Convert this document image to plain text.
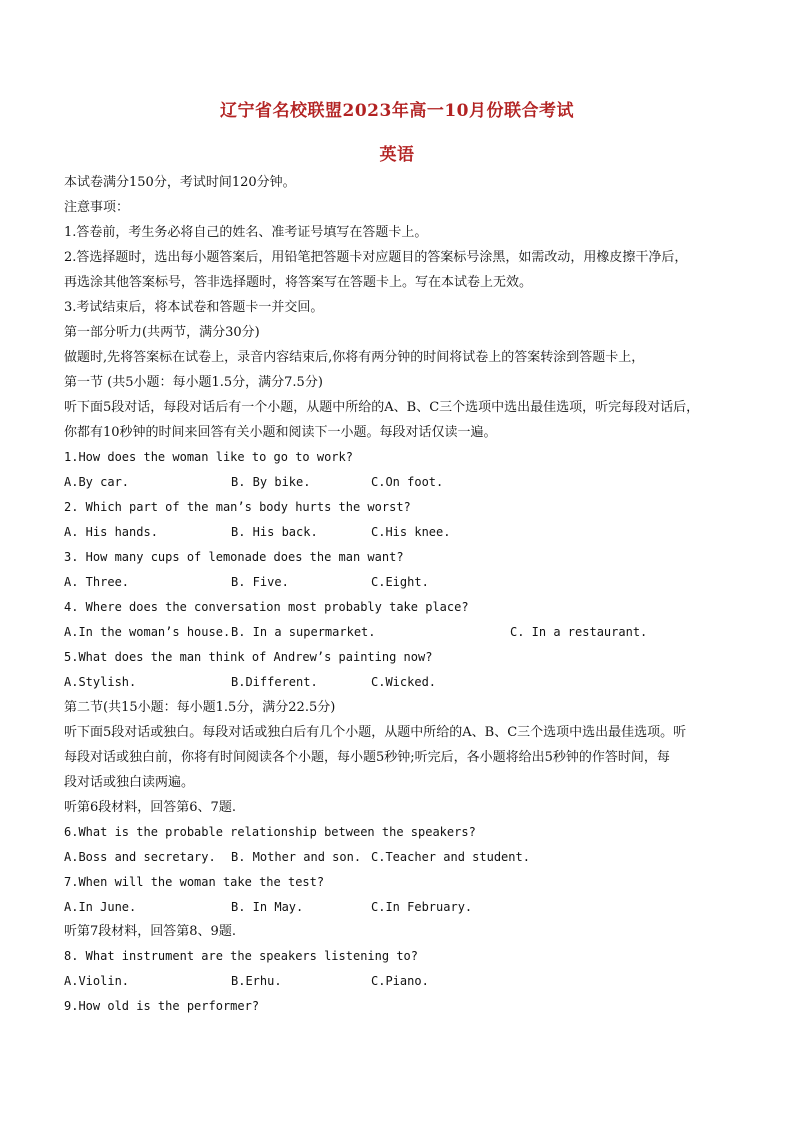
辽宁省名校联盟2023年高一10月份联合考试
英语
本试卷满分150分，考试时间120分钟。
注意事项：
1.答卷前，考生务必将自己的姓名、准考证号填写在答题卡上。
2.答选择题时，选出每小题答案后，用铅笔把答题卡对应题目的答案标号涂黑，如需改动，用橡皮擦干净后，
再选涂其他答案标号，答非选择题时，将答案写在答题卡上。写在本试卷上无效。
3.考试结束后，将本试卷和答题卡一并交回。
第一部分听力(共两节，满分30分)
做题时,先将答案标在试卷上，录音内容结束后,你将有两分钟的时间将试卷上的答案转涂到答题卡上，
第一节 (共5小题：每小题1.5分，满分7.5分)
听下面5段对话，每段对话后有一个小题，从题中所给的A、B、C三个选项中选出最佳选项，听完每段对话后，
你都有10秒钟的时间来回答有关小题和阅读下一小题。每段对话仅读一遍。
1.How does the woman like to go to work?
A.By car.	B. By bike.	C.On foot.
2. Which part of the man’s body hurts the worst?
A. His hands.	B. His back.	C.His knee.
3. How many cups of lemonade does the man want?
A. Three.	B. Five.	C.Eight.
4. Where does the conversation most probably take place?
A.In the woman’s house. B. In a supermarket.	C. In a restaurant.
5.What does the man think of Andrew’s painting now?
A.Stylish.	B.Different.	C.Wicked.
第二节(共15小题：每小题1.5分，满分22.5分)
听下面5段对话或独白。每段对话或独白后有几个小题，从题中所给的A、B、C三个选项中选出最佳选项。听
每段对话或独白前，你将有时间阅读各个小题，每小题5秒钟;听完后，各小题将给出5秒钟的作答时间，每
段对话或独白读两遍。
听第6段材料，回答第6、7题.
6.What is the probable relationship between the speakers?
A.Boss and secretary. B. Mother and son. C.Teacher and student.
7.When will the woman take the test?
A.In June.	B. In May.	C.In February.
听第7段材料，回答第8、9题.
8. What instrument are the speakers listening to?
A.Violin.	B.Erhu.	C.Piano.
9.How old is the performer?
